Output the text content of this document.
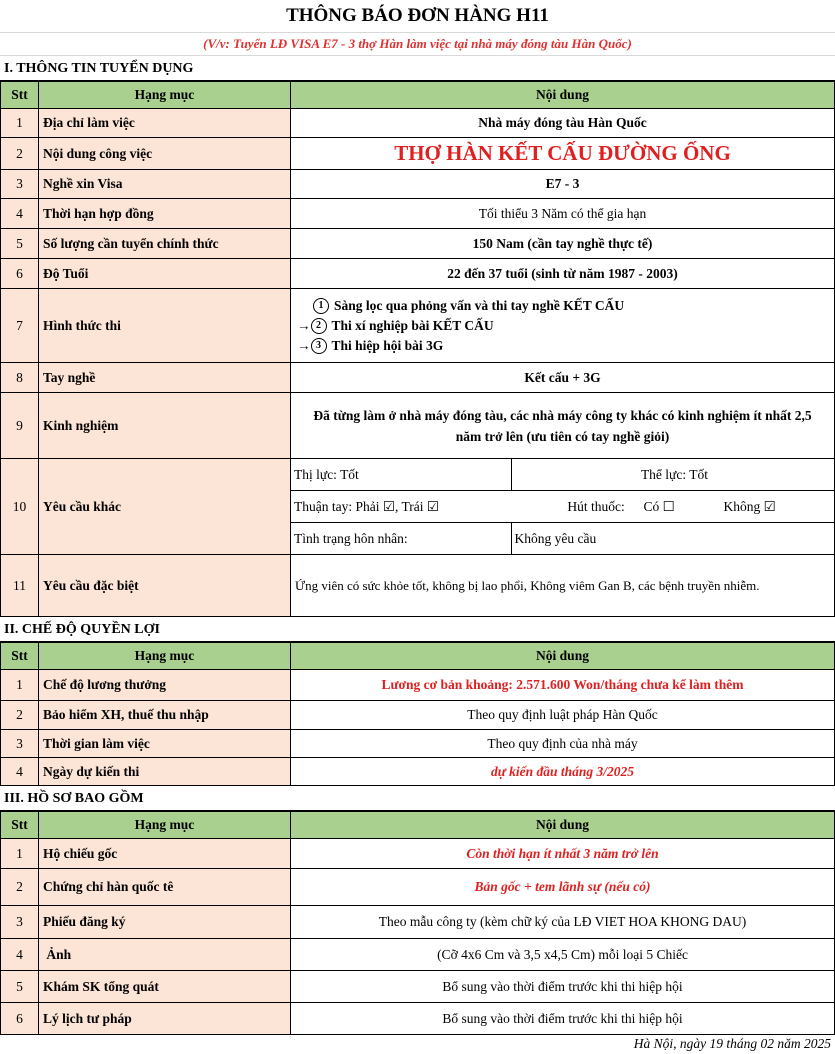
THÔNG BÁO ĐƠN HÀNG H11
(V/v: Tuyển LĐ VISA E7 - 3 thợ Hàn làm việc tại nhà máy đóng tàu Hàn Quốc)
I. THÔNG TIN TUYỂN DỤNG
Stt	Hạng mục	Nội dung
1	Địa chỉ làm việc	Nhà máy đóng tàu Hàn Quốc
2	Nội dung công việc	THỢ HÀN KẾT CẤU ĐƯỜNG ỐNG
3	Nghề xin Visa	E7 - 3
4	Thời hạn hợp đồng	Tối thiểu 3 Năm có thể gia hạn
5	Số lượng cần tuyển chính thức	150 Nam (cần tay nghề thực tế)
6	Độ Tuổi	22 đến 37 tuổi (sinh từ năm 1987 - 2003)
7	Hình thức thi	
1 Sàng lọc qua phỏng vấn và thi tay nghề KẾT CẤU
→ 2 Thi xí nghiệp bài KẾT CẤU
→ 3 Thi hiệp hội bài 3G

8	Tay nghề	Kết cấu + 3G
9	Kinh nghiệm	Đã từng làm ở nhà máy đóng tàu, các nhà máy công ty khác có kinh nghiệm ít nhất 2,5 năm trở lên (ưu tiên có tay nghề giỏi)
10	Yêu cầu khác	
Thị lực: Tốt	Thể lực: Tốt
Thuận tay: Phải ☑, Trái ☑	Hút thuốc: Có ☐	Không ☑
Tình trạng hôn nhân:	Không yêu cầu

11	Yêu cầu đặc biệt	Ứng viên có sức khỏe tốt, không bị lao phổi, Không viêm Gan B, các bệnh truyền nhiễm.
II. CHẾ ĐỘ QUYỀN LỢI
Stt	Hạng mục	Nội dung
1	Chế độ lương thưởng	Lương cơ bản khoảng: 2.571.600 Won/tháng chưa kể làm thêm
2	Bảo hiểm XH, thuế thu nhập	Theo quy định luật pháp Hàn Quốc
3	Thời gian làm việc	Theo quy định của nhà máy
4	Ngày dự kiến thi	dự kiến đầu tháng 3/2025
III. HỒ SƠ BAO GỒM
Stt	Hạng mục	Nội dung
1	Hộ chiếu gốc	Còn thời hạn ít nhất 3 năm trở lên
2	Chứng chỉ hàn quốc tê	Bản gốc + tem lãnh sự (nếu có)
3	Phiếu đăng ký	Theo mẫu công ty (kèm chữ ký của LĐ VIET HOA KHONG DAU)
4	Ảnh	(Cỡ 4x6 Cm và 3,5 x4,5 Cm) mỗi loại 5 Chiếc
5	Khám SK tổng quát	Bổ sung vào thời điểm trước khi thi hiệp hội
6	Lý lịch tư pháp	Bổ sung vào thời điểm trước khi thi hiệp hội
Hà Nội, ngày 19 tháng 02 năm 2025
